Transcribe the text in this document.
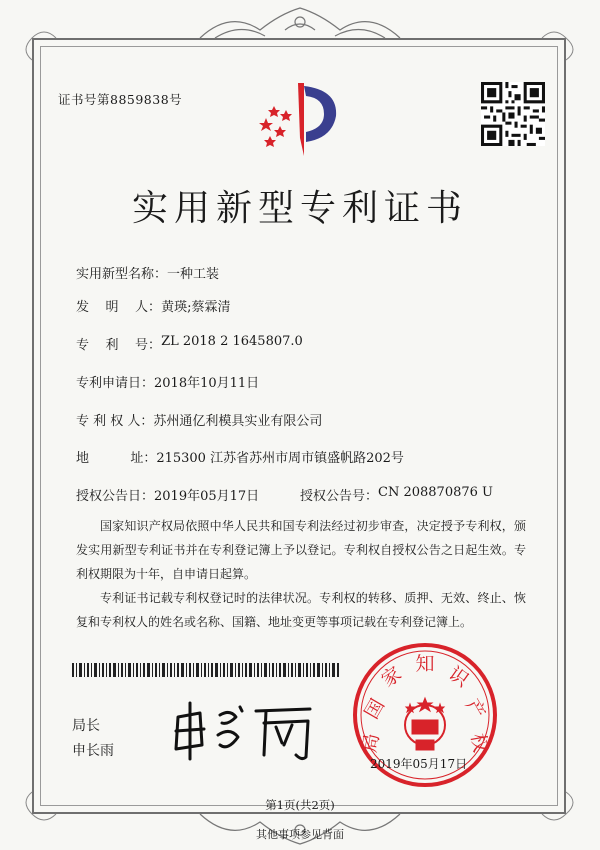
证书号第8859838号
实用新型专利证书
实用新型名称： 一种工装
发    明    人： 黄瑛;蔡霖清
专    利    号： ZL 2018 2 1645807.0
专利申请日： 2018年10月11日
专 利 权 人： 苏州通亿利模具实业有限公司
地          址： 215300 江苏省苏州市周市镇盛帆路202号
授权公告日： 2019年05月17日	授权公告号： CN 208870876 U
国家知识产权局依照中华人民共和国专利法经过初步审查，决定授予专利权，颁发实用新型专利证书并在专利登记簿上予以登记。专利权自授权公告之日起生效。专利权期限为十年，自申请日起算。
专利证书记载专利权登记时的法律状况。专利权的转移、质押、无效、终止、恢复和专利权人的姓名或名称、国籍、地址变更等事项记载在专利登记簿上。
局长
申长雨
国
家 知 识
产
权
局
2019年05月17日
第1页(共2页)
其他事项参见背面
